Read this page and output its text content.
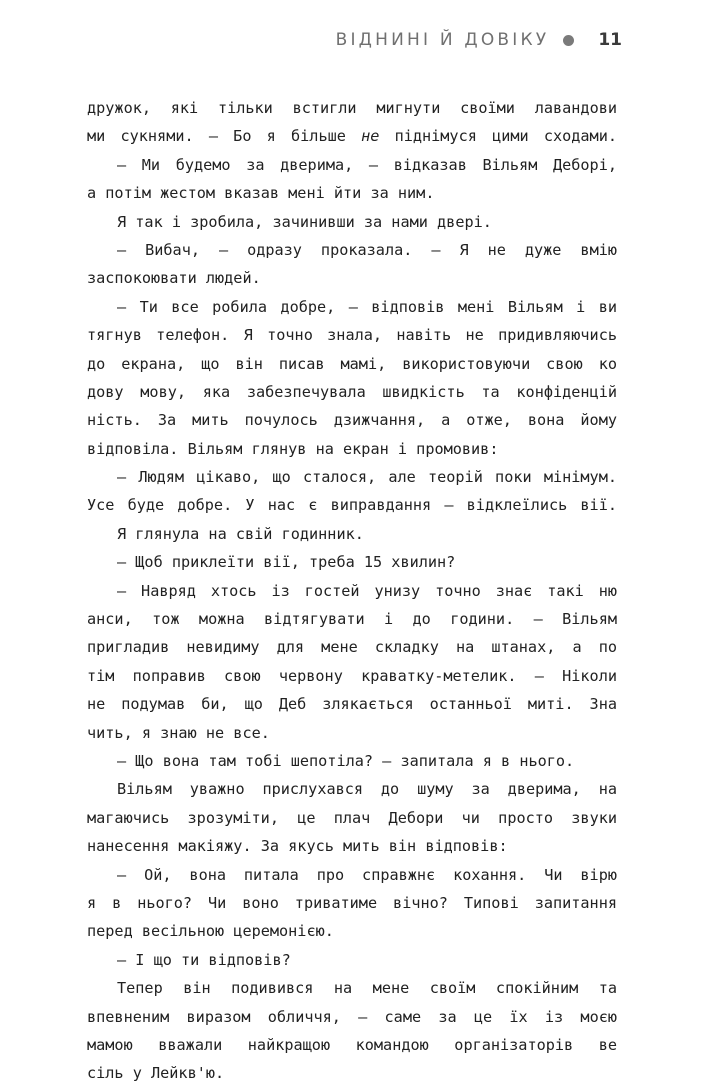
ВІДНИНІ Й ДОВІКУ	11
дружок, які тільки встигли мигнути своїми лавандови
ми сукнями. — Бо я більше не піднімуся цими сходами.
— Ми будемо за дверима, — відказав Вільям Деборі,
а потім жестом вказав мені йти за ним.
Я так і зробила, зачинивши за нами двері.
— Вибач, — одразу проказала. — Я не дуже вмію
заспокоювати людей.
— Ти все робила добре, — відповів мені Вільям і ви
тягнув телефон. Я точно знала, навіть не придивляючись
до екрана, що він писав мамі, використовуючи свою ко
дову мову, яка забезпечувала швидкість та конфіденцій
ність. За мить почулось дзижчання, а отже, вона йому
відповіла. Вільям глянув на екран і промовив:
— Людям цікаво, що сталося, але теорій поки мінімум.
Усе буде добре. У нас є виправдання — відклеїлись вії.
Я глянула на свій годинник.
— Щоб приклеїти вії, треба 15 хвилин?
— Навряд хтось із гостей унизу точно знає такі ню
анси, тож можна відтягувати і до години. — Вільям
пригладив невидиму для мене складку на штанах, а по
тім поправив свою червону краватку-метелик. — Ніколи
не подумав би, що Деб злякається останньої миті. Зна
чить, я знаю не все.
— Що вона там тобі шепотіла? — запитала я в нього.
Вільям уважно прислухався до шуму за дверима, на
магаючись зрозуміти, це плач Дебори чи просто звуки
нанесення макіяжу. За якусь мить він відповів:
— Ой, вона питала про справжнє кохання. Чи вірю
я в нього? Чи воно триватиме вічно? Типові запитання
перед весільною церемонією.
— І що ти відповів?
Тепер він подивився на мене своїм спокійним та
впевненим виразом обличчя, — саме за це їх із моєю
мамою вважали найкращою командою організаторів ве
сіль у Лейкв'ю.
